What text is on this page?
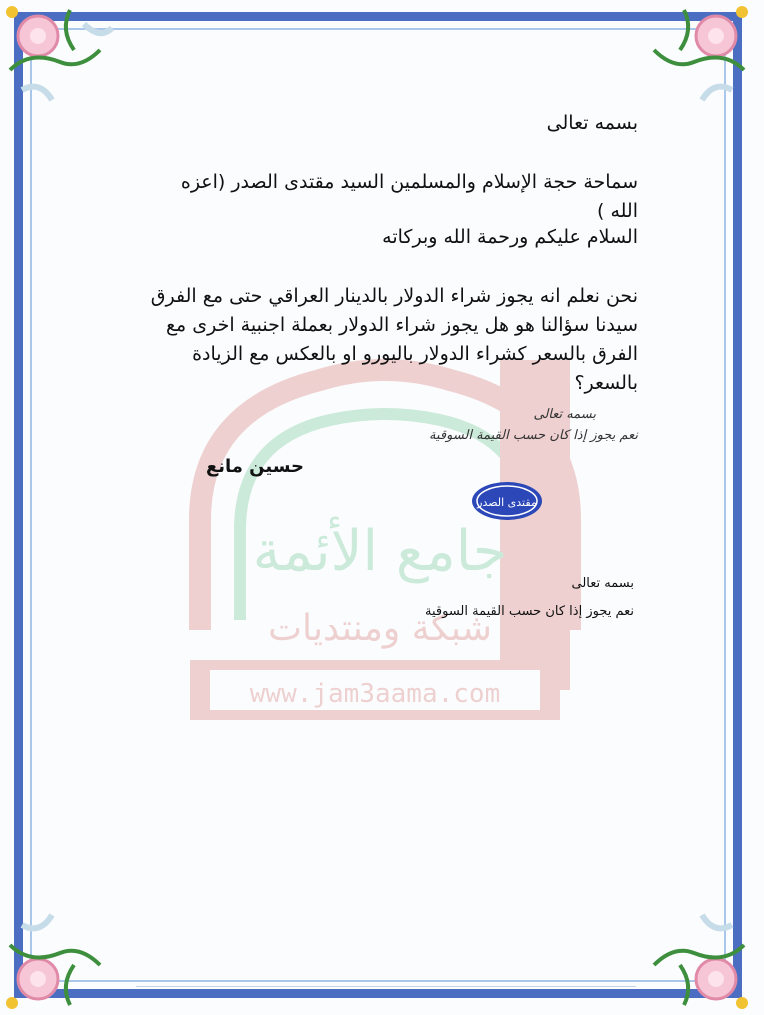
www.jam3aama.com
جامع الأئمة
شبكة ومنتديات
بسمه تعالى
سماحة حجة الإسلام والمسلمين السيد مقتدى الصدر (اعزه الله )
السلام عليكم ورحمة الله وبركاته
نحن نعلم انه يجوز شراء الدولار بالدينار العراقي حتى مع الفرق سيدنا سؤالنا هو هل يجوز شراء الدولار بعملة اجنبية اخرى مع الفرق بالسعر كشراء الدولار باليورو او بالعكس مع الزيادة بالسعر؟
بسمه تعالى
نعم يجوز إذا كان حسب القيمة السوقية
حسين مانع
مقتدى الصدر
بسمه تعالى
نعم يجوز إذا كان حسب القيمة السوقية
